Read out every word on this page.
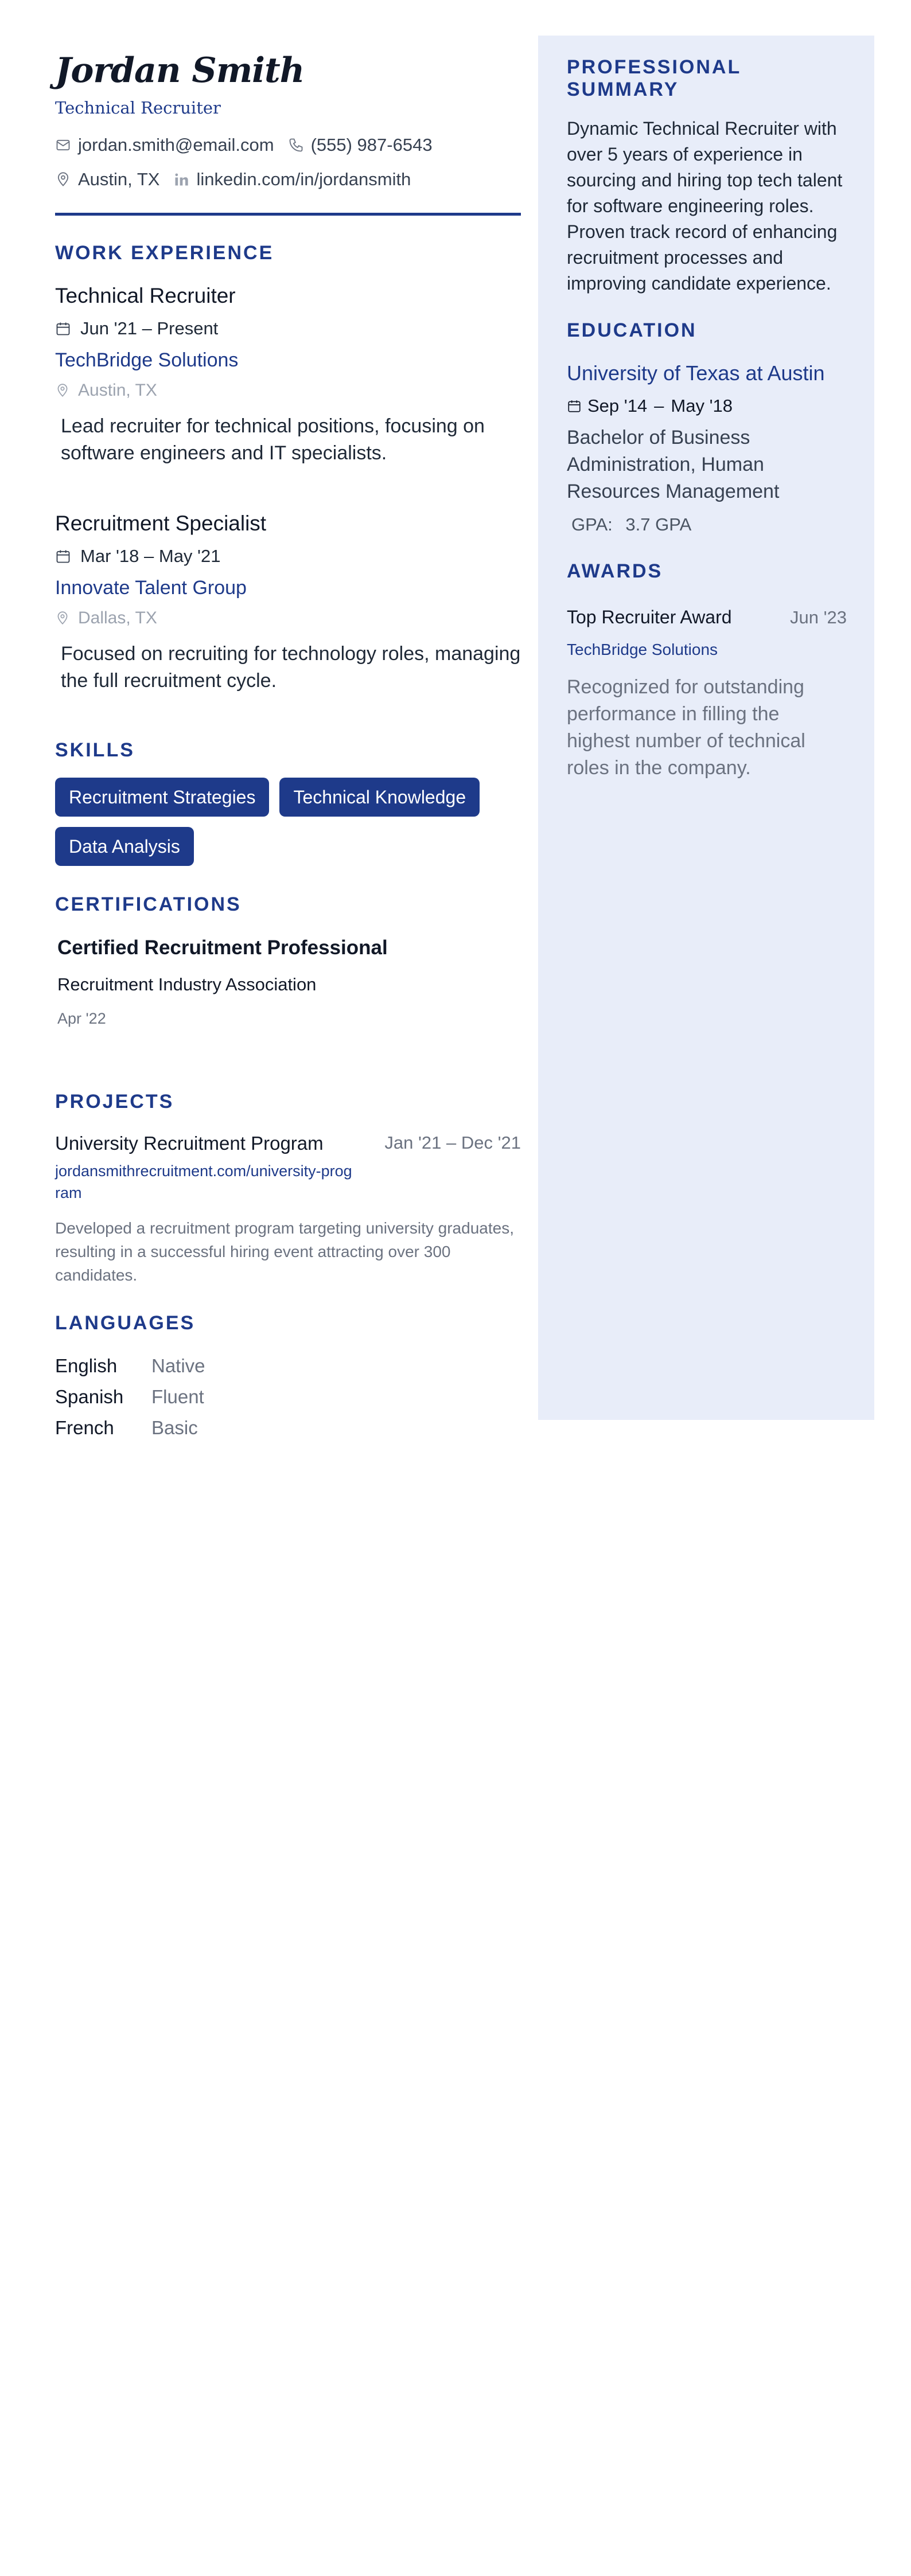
Jordan Smith
Technical Recruiter
jordan.smith@email.com (555) 987-6543
Austin, TX linkedin.com/in/jordansmith
WORK EXPERIENCE
Technical Recruiter
Jun '21 – Present
TechBridge Solutions
Austin, TX
Lead recruiter for technical positions, focusing on software engineers and IT specialists.
Recruitment Specialist
Mar '18 – May '21
Innovate Talent Group
Dallas, TX
Focused on recruiting for technology roles, managing the full recruitment cycle.
SKILLS
Recruitment Strategies	Technical Knowledge
Data Analysis
CERTIFICATIONS
Certified Recruitment Professional
Recruitment Industry Association
Apr '22
PROJECTS
University Recruitment Program	Jan '21 – Dec '21
jordansmithrecruitment.com/university-program
Developed a recruitment program targeting university graduates, resulting in a successful hiring event attracting over 300 candidates.
LANGUAGES
English	Native
Spanish	Fluent
French	Basic
PROFESSIONAL SUMMARY
Dynamic Technical Recruiter with over 5 years of experience in sourcing and hiring top tech talent for software engineering roles. Proven track record of enhancing recruitment processes and improving candidate experience.
EDUCATION
University of Texas at Austin
Sep '14 – May '18
Bachelor of Business Administration, Human Resources Management
GPA: 3.7 GPA
AWARDS
Top Recruiter Award	Jun '23
TechBridge Solutions
Recognized for outstanding performance in filling the highest number of technical roles in the company.
